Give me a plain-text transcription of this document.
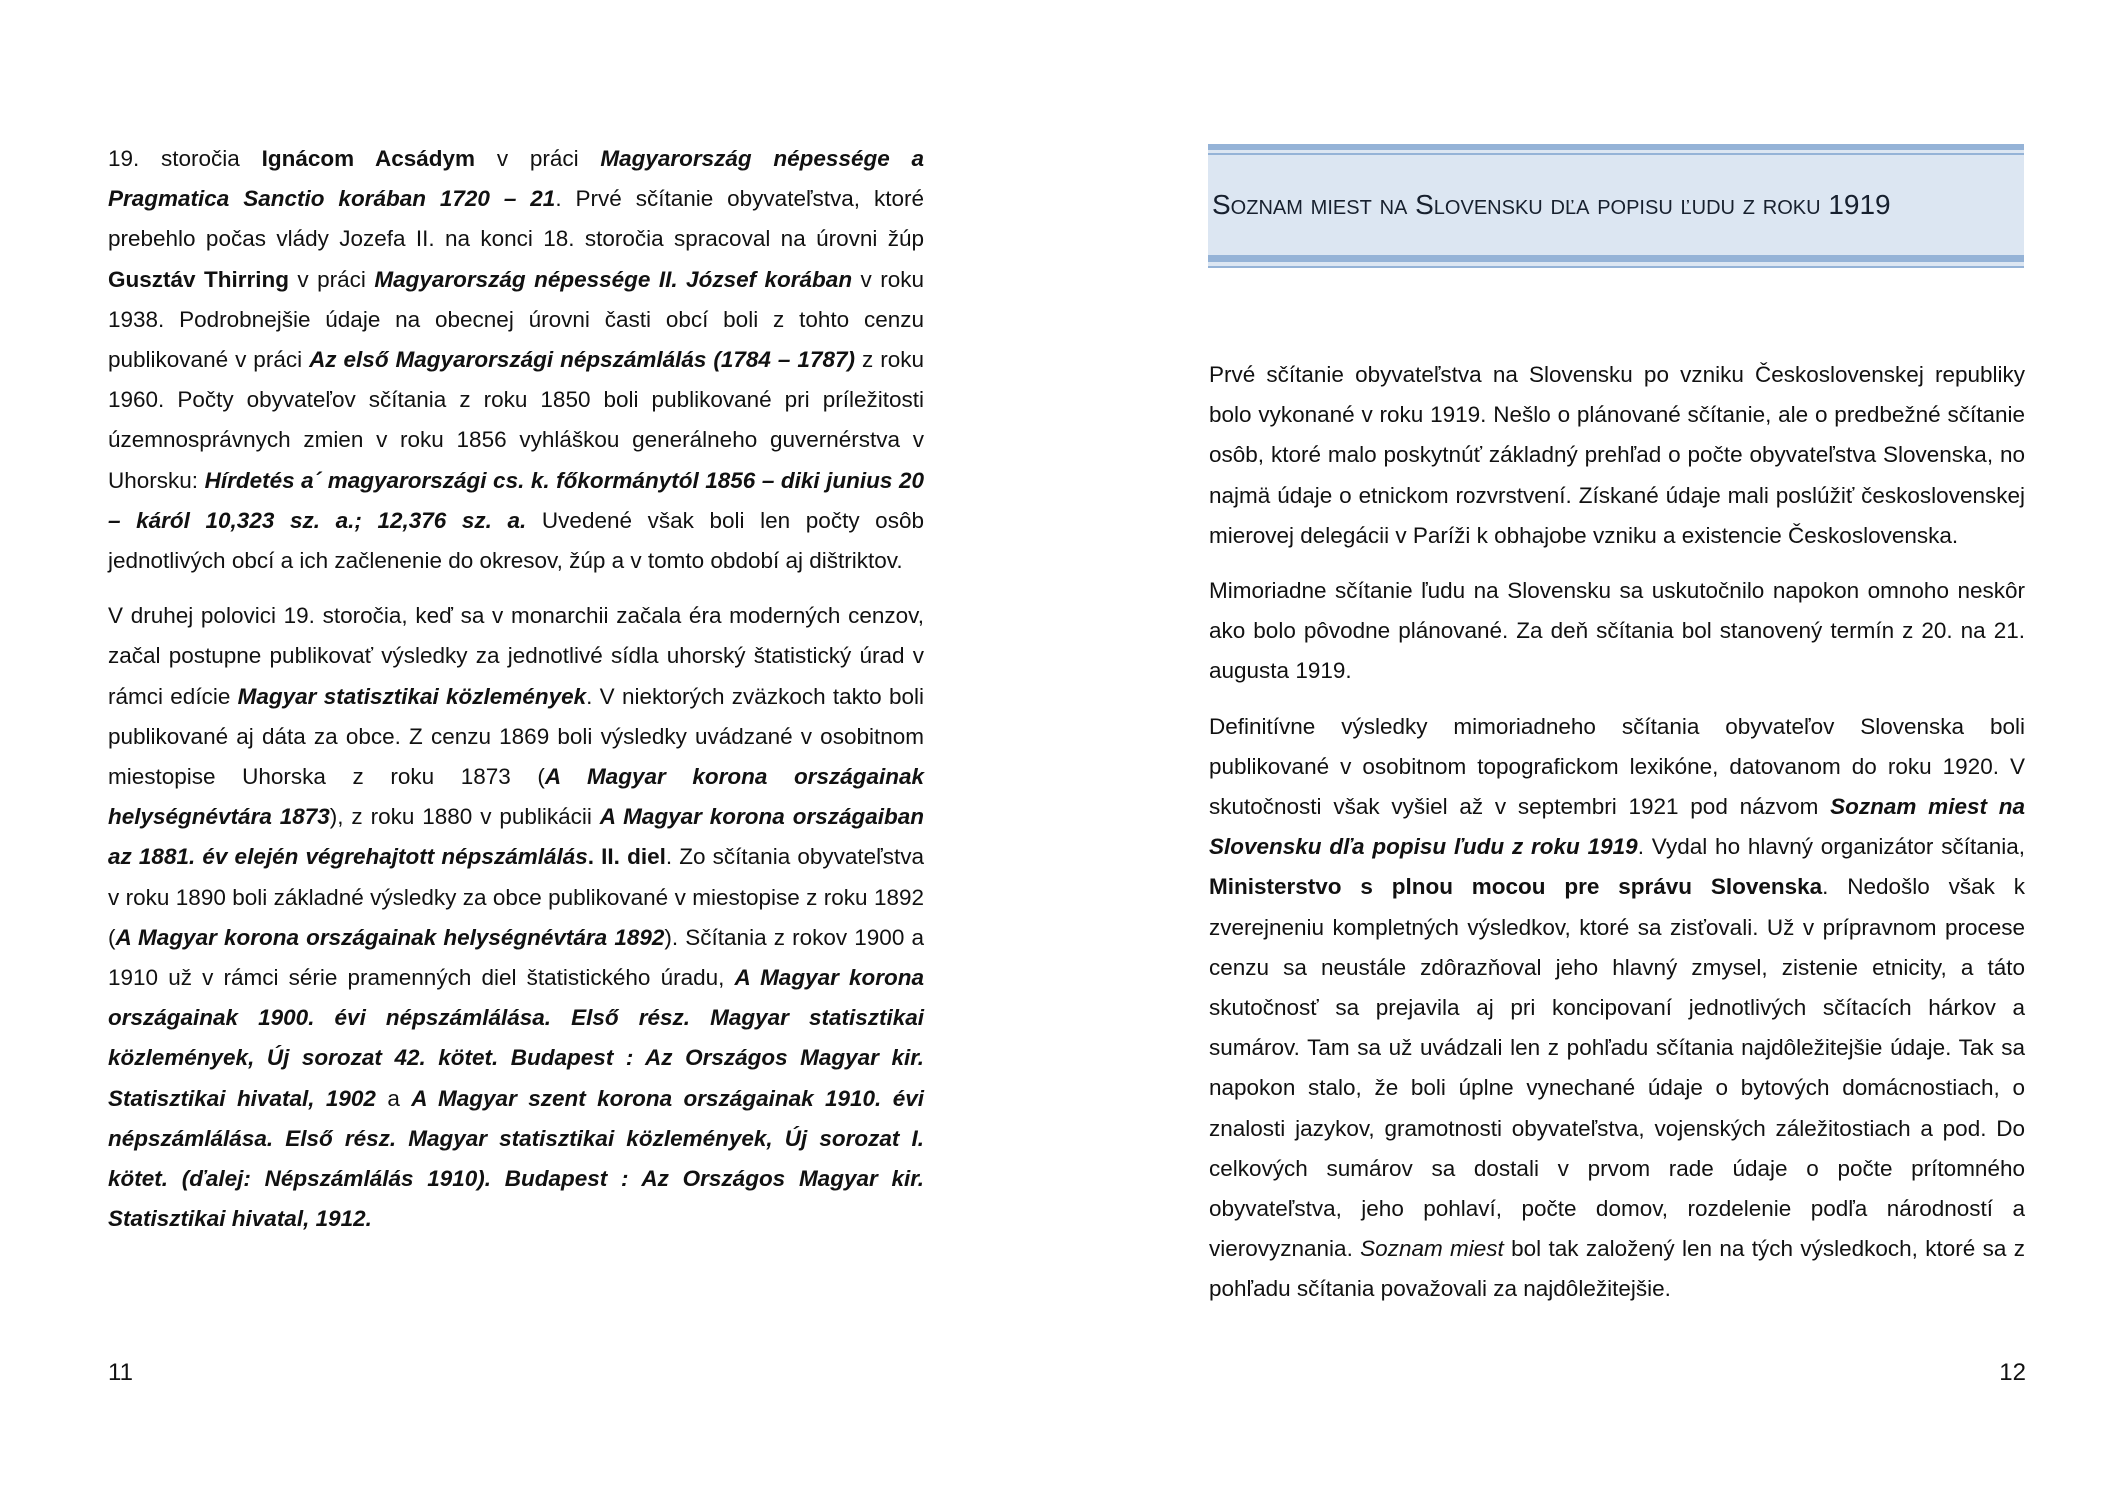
19. storočia Ignácom Acsádym v práci Magyarország népessége a Pragmatica Sanctio korában 1720 – 21. Prvé sčítanie obyvateľstva, ktoré prebehlo počas vlády Jozefa II. na konci 18. storočia spracoval na úrovni žúp Gusztáv Thirring v práci Magyarország népessége II. József korában v roku 1938. Podrobnejšie údaje na obecnej úrovni časti obcí boli z tohto cenzu publikované v práci Az első Magyarországi népszámlálás (1784 – 1787) z roku 1960. Počty obyvateľov sčítania z roku 1850 boli publikované pri príležitosti územnosprávnych zmien v roku 1856 vyhláškou generálneho guvernérstva v Uhorsku: Hírdetés a´ magyarországi cs. k. főkormánytól 1856 – diki junius 20 – káról 10,323 sz. a.; 12,376 sz. a. Uvedené však boli len počty osôb jednotlivých obcí a ich začlenenie do okresov, žúp a v tomto období aj dištriktov.

V druhej polovici 19. storočia, keď sa v monarchii začala éra moderných cenzov, začal postupne publikovať výsledky za jednotlivé sídla uhorský štatistický úrad v rámci edície Magyar statisztikai közlemények. V niektorých zväzkoch takto boli publikované aj dáta za obce. Z cenzu 1869 boli výsledky uvádzané v osobitnom miestopise Uhorska z roku 1873 (A Magyar korona országainak helységnévtára 1873), z roku 1880 v publikácii A Magyar korona országaiban az 1881. év elején végrehajtott népszámlálás. II. diel. Zo sčítania obyvateľstva v roku 1890 boli základné výsledky za obce publikované v miestopise z roku 1892 (A Magyar korona országainak helységnévtára 1892). Sčítania z rokov 1900 a 1910 už v rámci série pramenných diel štatistického úradu, A Magyar korona országainak 1900. évi népszámlálása. Első rész. Magyar statisztikai közlemények, Új sorozat 42. kötet. Budapest : Az Országos Magyar kir. Statisztikai hivatal, 1902 a A Magyar szent korona országainak 1910. évi népszámlálása. Első rész. Magyar statisztikai közlemények, Új sorozat I. kötet. (ďalej: Népszámlálás 1910). Budapest : Az Országos Magyar kir. Statisztikai hivatal, 1912.

11
Soznam miest na Slovensku dľa popisu ľudu z roku 1919

Prvé sčítanie obyvateľstva na Slovensku po vzniku Československej republiky bolo vykonané v roku 1919. Nešlo o plánované sčítanie, ale o predbežné sčítanie osôb, ktoré malo poskytnúť základný prehľad o počte obyvateľstva Slovenska, no najmä údaje o etnickom rozvrstvení. Získané údaje mali poslúžiť československej mierovej delegácii v Paríži k obhajobe vzniku a existencie Československa.

Mimoriadne sčítanie ľudu na Slovensku sa uskutočnilo napokon omnoho neskôr ako bolo pôvodne plánované. Za deň sčítania bol stanovený termín z 20. na 21. augusta 1919.

Definitívne výsledky mimoriadneho sčítania obyvateľov Slovenska boli publikované v osobitnom topografickom lexikóne, datovanom do roku 1920. V skutočnosti však vyšiel až v septembri 1921 pod názvom Soznam miest na Slovensku dľa popisu ľudu z roku 1919. Vydal ho hlavný organizátor sčítania, Ministerstvo s plnou mocou pre správu Slovenska. Nedošlo však k zverejneniu kompletných výsledkov, ktoré sa zisťovali. Už v prípravnom procese cenzu sa neustále zdôrazňoval jeho hlavný zmysel, zistenie etnicity, a táto skutočnosť sa prejavila aj pri koncipovaní jednotlivých sčítacích hárkov a sumárov. Tam sa už uvádzali len z pohľadu sčítania najdôležitejšie údaje. Tak sa napokon stalo, že boli úplne vynechané údaje o bytových domácnostiach, o znalosti jazykov, gramotnosti obyvateľstva, vojenských záležitostiach a pod. Do celkových sumárov sa dostali v prvom rade údaje o počte prítomného obyvateľstva, jeho pohlaví, počte domov, rozdelenie podľa národností a vierovyznania. Soznam miest bol tak založený len na tých výsledkoch, ktoré sa z pohľadu sčítania považovali za najdôležitejšie.

12
